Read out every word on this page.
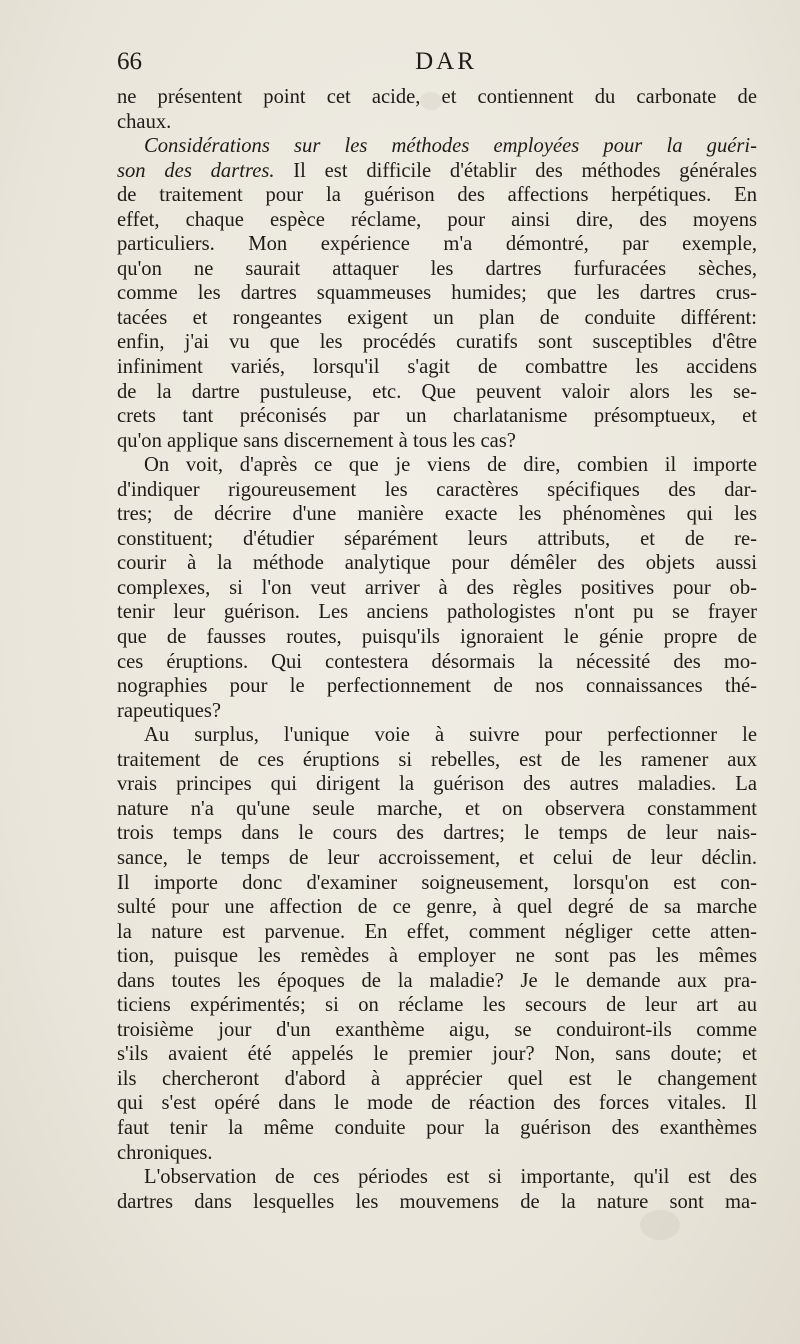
66	DAR
ne présentent point cet acide, et contiennent du carbonate de
chaux.
Considérations sur les méthodes employées pour la guéri-
son des dartres. Il est difficile d'établir des méthodes générales
de traitement pour la guérison des affections herpétiques. En
effet, chaque espèce réclame, pour ainsi dire, des moyens
particuliers. Mon expérience m'a démontré, par exemple,
qu'on ne saurait attaquer les dartres furfuracées sèches,
comme les dartres squammeuses humides; que les dartres crus-
tacées et rongeantes exigent un plan de conduite différent:
enfin, j'ai vu que les procédés curatifs sont susceptibles d'être
infiniment variés, lorsqu'il s'agit de combattre les accidens
de la dartre pustuleuse, etc. Que peuvent valoir alors les se-
crets tant préconisés par un charlatanisme présomptueux, et
qu'on applique sans discernement à tous les cas?
On voit, d'après ce que je viens de dire, combien il importe
d'indiquer rigoureusement les caractères spécifiques des dar-
tres; de décrire d'une manière exacte les phénomènes qui les
constituent; d'étudier séparément leurs attributs, et de re-
courir à la méthode analytique pour démêler des objets aussi
complexes, si l'on veut arriver à des règles positives pour ob-
tenir leur guérison. Les anciens pathologistes n'ont pu se frayer
que de fausses routes, puisqu'ils ignoraient le génie propre de
ces éruptions. Qui contestera désormais la nécessité des mo-
nographies pour le perfectionnement de nos connaissances thé-
rapeutiques?
Au surplus, l'unique voie à suivre pour perfectionner le
traitement de ces éruptions si rebelles, est de les ramener aux
vrais principes qui dirigent la guérison des autres maladies. La
nature n'a qu'une seule marche, et on observera constamment
trois temps dans le cours des dartres; le temps de leur nais-
sance, le temps de leur accroissement, et celui de leur déclin.
Il importe donc d'examiner soigneusement, lorsqu'on est con-
sulté pour une affection de ce genre, à quel degré de sa marche
la nature est parvenue. En effet, comment négliger cette atten-
tion, puisque les remèdes à employer ne sont pas les mêmes
dans toutes les époques de la maladie? Je le demande aux pra-
ticiens expérimentés; si on réclame les secours de leur art au
troisième jour d'un exanthème aigu, se conduiront-ils comme
s'ils avaient été appelés le premier jour? Non, sans doute; et
ils chercheront d'abord à apprécier quel est le changement
qui s'est opéré dans le mode de réaction des forces vitales. Il
faut tenir la même conduite pour la guérison des exanthèmes
chroniques.
L'observation de ces périodes est si importante, qu'il est des
dartres dans lesquelles les mouvemens de la nature sont ma-
